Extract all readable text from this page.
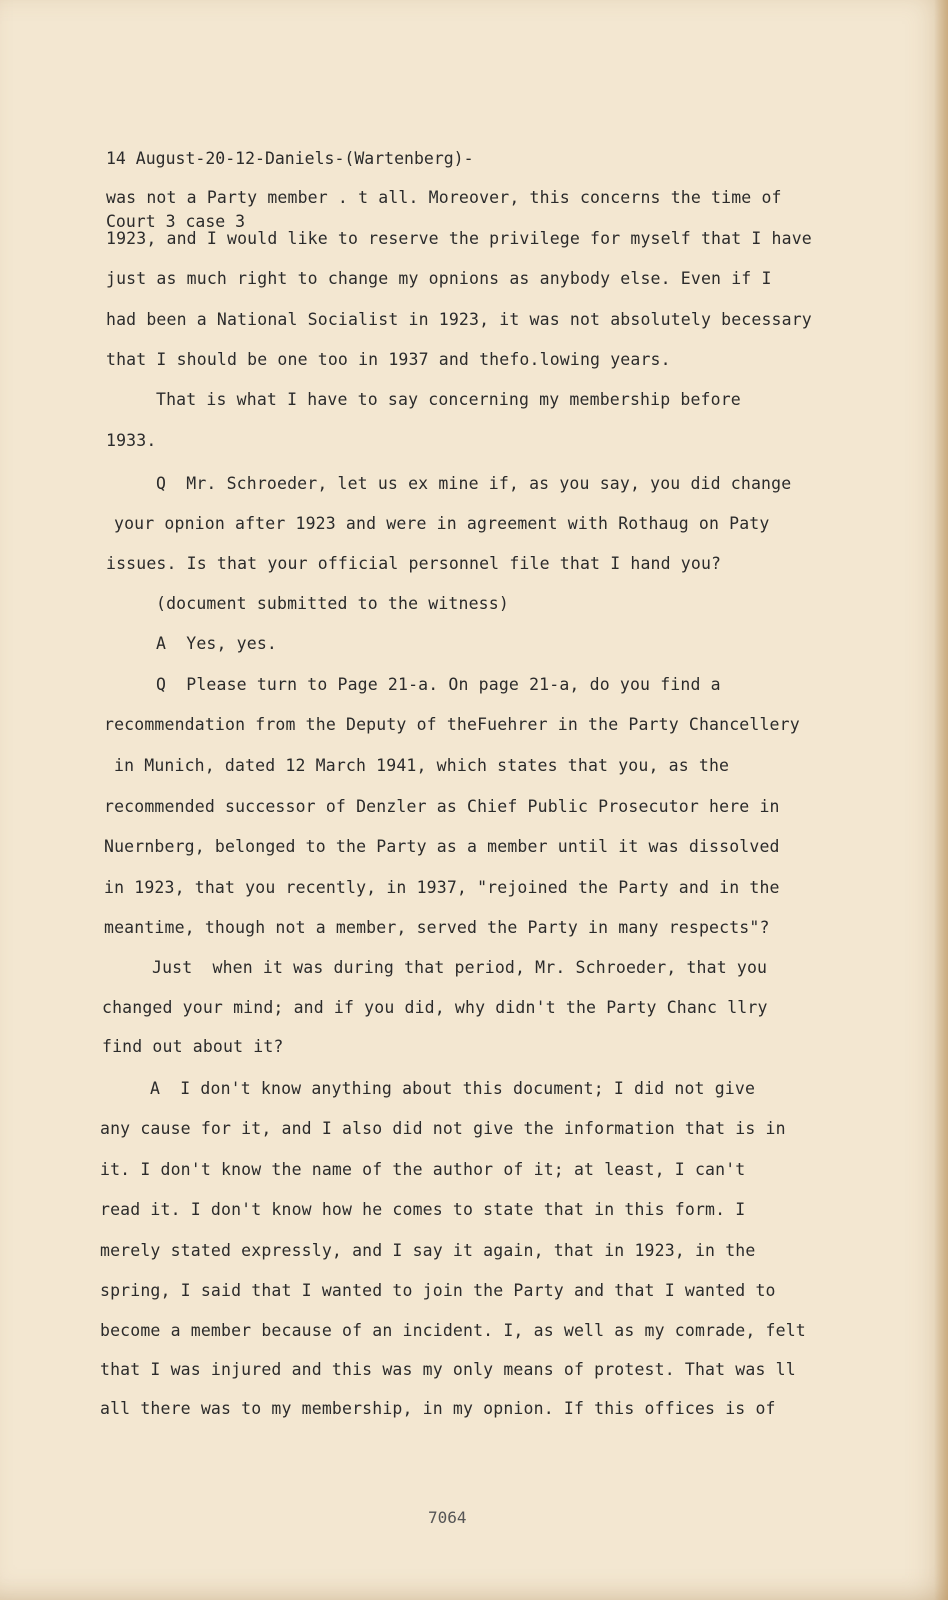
14 August-20-12-Daniels-(Wartenberg)-

Court 3 case 3

was not a Party member . t all. Moreover, this concerns the time of
1923, and I would like to reserve the privilege for myself that I have
just as much right to change my opnions as anybody else. Even if I
had been a National Socialist in 1923, it was not absolutely becessary
that I should be one too in 1937 and thefo.lowing years.
That is what I have to say concerning my membership before
1933.
Q  Mr. Schroeder, let us ex mine if, as you say, you did change
your opnion after 1923 and were in agreement with Rothaug on Paty
issues. Is that your official personnel file that I hand you?
(document submitted to the witness)
A  Yes, yes.
Q  Please turn to Page 21-a. On page 21-a, do you find a
recommendation from the Deputy of theFuehrer in the Party Chancellery
in Munich, dated 12 March 1941, which states that you, as the
recommended successor of Denzler as Chief Public Prosecutor here in
Nuernberg, belonged to the Party as a member until it was dissolved
in 1923, that you recently, in 1937, "rejoined the Party and in the
meantime, though not a member, served the Party in many respects"?
Just  when it was during that period, Mr. Schroeder, that you
changed your mind; and if you did, why didn't the Party Chanc llry
find out about it?
A  I don't know anything about this document; I did not give
any cause for it, and I also did not give the information that is in
it. I don't know the name of the author of it; at least, I can't
read it. I don't know how he comes to state that in this form. I
merely stated expressly, and I say it again, that in 1923, in the
spring, I said that I wanted to join the Party and that I wanted to
become a member because of an incident. I, as well as my comrade, felt
that I was injured and this was my only means of protest. That was ll
all there was to my membership, in my opnion. If this offices is of
7064
